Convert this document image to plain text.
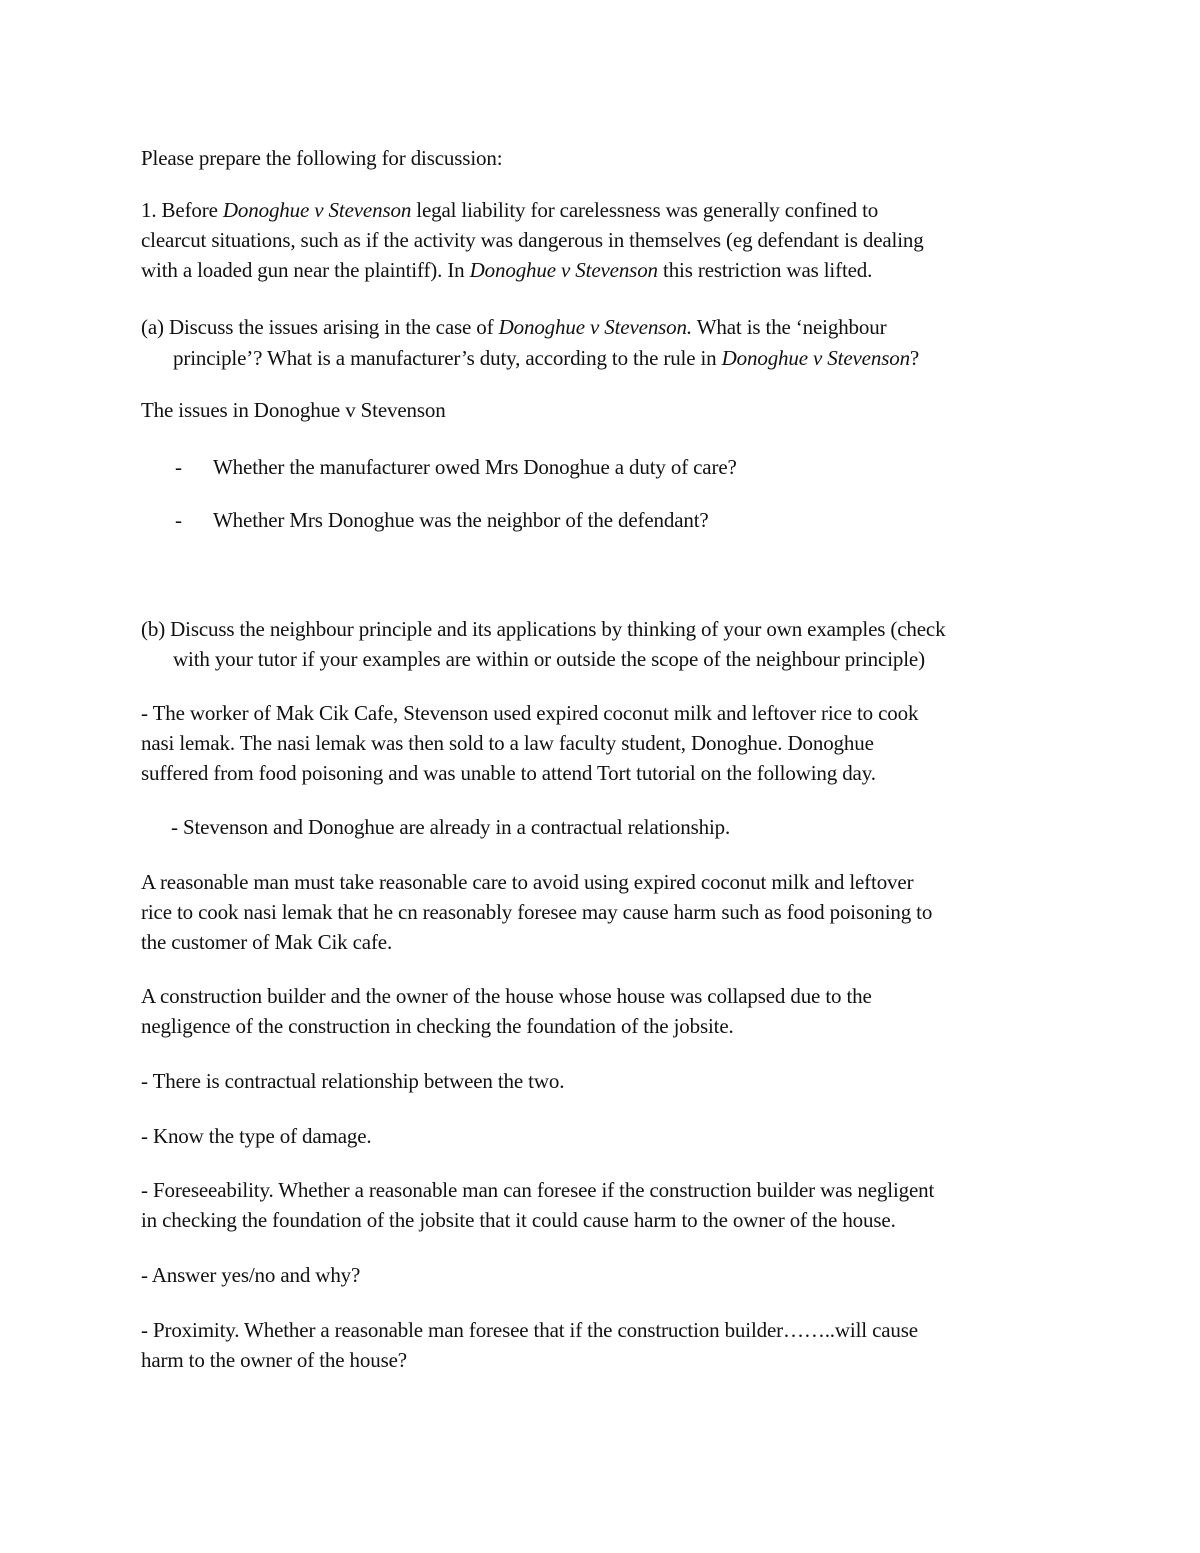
Please prepare the following for discussion:
1. Before Donoghue v Stevenson legal liability for carelessness was generally confined to
clearcut situations, such as if the activity was dangerous in themselves (eg defendant is dealing
with a loaded gun near the plaintiff). In Donoghue v Stevenson this restriction was lifted.
(a) Discuss the issues arising in the case of Donoghue v Stevenson. What is the ‘neighbour
principle’? What is a manufacturer’s duty, according to the rule in Donoghue v Stevenson?
The issues in Donoghue v Stevenson
- Whether the manufacturer owed Mrs Donoghue a duty of care?
- Whether Mrs Donoghue was the neighbor of the defendant?
(b) Discuss the neighbour principle and its applications by thinking of your own examples (check
with your tutor if your examples are within or outside the scope of the neighbour principle)
- The worker of Mak Cik Cafe, Stevenson used expired coconut milk and leftover rice to cook
nasi lemak. The nasi lemak was then sold to a law faculty student, Donoghue. Donoghue
suffered from food poisoning and was unable to attend Tort tutorial on the following day.
- Stevenson and Donoghue are already in a contractual relationship.
A reasonable man must take reasonable care to avoid using expired coconut milk and leftover
rice to cook nasi lemak that he cn reasonably foresee may cause harm such as food poisoning to
the customer of Mak Cik cafe.
A construction builder and the owner of the house whose house was collapsed due to the
negligence of the construction in checking the foundation of the jobsite.
- There is contractual relationship between the two.
- Know the type of damage.
- Foreseeability. Whether a reasonable man can foresee if the construction builder was negligent
in checking the foundation of the jobsite that it could cause harm to the owner of the house.
- Answer yes/no and why?
- Proximity. Whether a reasonable man foresee that if the construction builder……..will cause
harm to the owner of the house?
